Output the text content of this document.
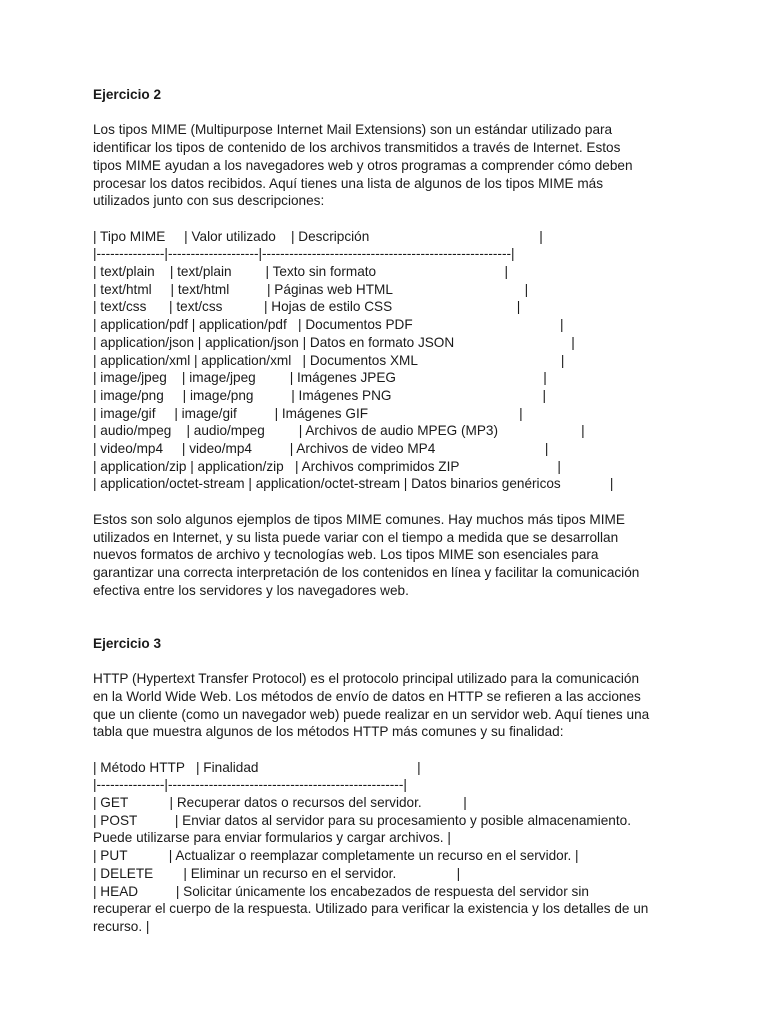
Ejercicio 2

Los tipos MIME (Multipurpose Internet Mail Extensions) son un estándar utilizado para

identificar los tipos de contenido de los archivos transmitidos a través de Internet. Estos

tipos MIME ayudan a los navegadores web y otros programas a comprender cómo deben

procesar los datos recibidos. Aquí tienes una lista de algunos de los tipos MIME más

utilizados junto con sus descripciones:

| Tipo MIME     | Valor utilizado    | Descripción                                             |

|---------------|--------------------|-------------------------------------------------------|

| text/plain    | text/plain         | Texto sin formato                                  |

| text/html     | text/html          | Páginas web HTML                                   |

| text/css      | text/css           | Hojas de estilo CSS                                 |

| application/pdf | application/pdf   | Documentos PDF                                       |

| application/json | application/json | Datos en formato JSON                               |

| application/xml | application/xml   | Documentos XML                                      |

| image/jpeg    | image/jpeg         | Imágenes JPEG                                       |

| image/png     | image/png          | Imágenes PNG                                        |

| image/gif     | image/gif          | Imágenes GIF                                        |

| audio/mpeg    | audio/mpeg         | Archivos de audio MPEG (MP3)                      |

| video/mp4     | video/mp4          | Archivos de video MP4                             |

| application/zip | application/zip   | Archivos comprimidos ZIP                          |

| application/octet-stream | application/octet-stream | Datos binarios genéricos             |

Estos son solo algunos ejemplos de tipos MIME comunes. Hay muchos más tipos MIME

utilizados en Internet, y su lista puede variar con el tiempo a medida que se desarrollan

nuevos formatos de archivo y tecnologías web. Los tipos MIME son esenciales para

garantizar una correcta interpretación de los contenidos en línea y facilitar la comunicación

efectiva entre los servidores y los navegadores web.

Ejercicio 3

HTTP (Hypertext Transfer Protocol) es el protocolo principal utilizado para la comunicación

en la World Wide Web. Los métodos de envío de datos en HTTP se refieren a las acciones

que un cliente (como un navegador web) puede realizar en un servidor web. Aquí tienes una

tabla que muestra algunos de los métodos HTTP más comunes y su finalidad:

| Método HTTP   | Finalidad                                          |

|---------------|----------------------------------------------------|

| GET           | Recuperar datos o recursos del servidor.           |

| POST          | Enviar datos al servidor para su procesamiento y posible almacenamiento.

Puede utilizarse para enviar formularios y cargar archivos. |

| PUT           | Actualizar o reemplazar completamente un recurso en el servidor. |

| DELETE        | Eliminar un recurso en el servidor.                |

| HEAD          | Solicitar únicamente los encabezados de respuesta del servidor sin

recuperar el cuerpo de la respuesta. Utilizado para verificar la existencia y los detalles de un

recurso. |
